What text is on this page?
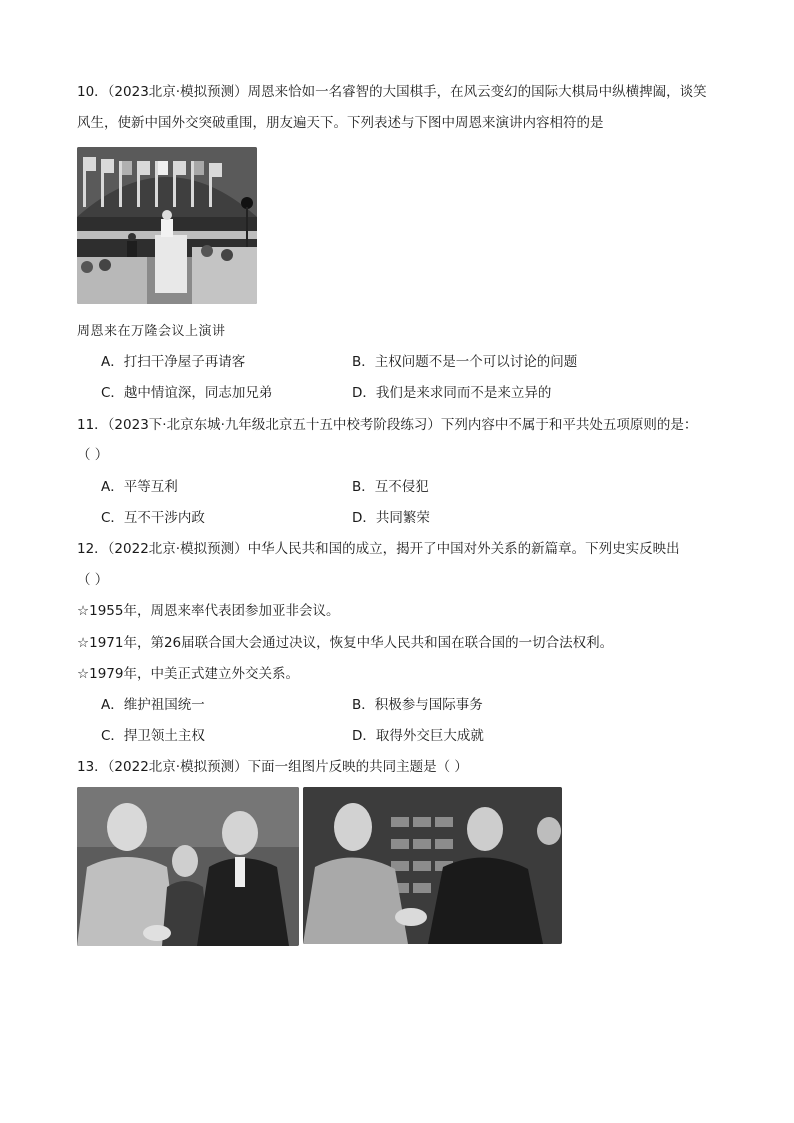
10．（2023北京·模拟预测）周恩来恰如一名睿智的大国棋手，在风云变幻的国际大棋局中纵横捭阖，谈笑
风生，使新中国外交突破重围，朋友遍天下。下列表述与下图中周恩来演讲内容相符的是
周恩来在万隆会议上演讲
A．打扫干净屋子再请客	B．主权问题不是一个可以讨论的问题
C．越中情谊深，同志加兄弟	D．我们是来求同而不是来立异的
11．（2023下·北京东城·九年级北京五十五中校考阶段练习）下列内容中不属于和平共处五项原则的是：
（ ）
A．平等互利	B．互不侵犯
C．互不干涉内政	D．共同繁荣
12．（2022北京·模拟预测）中华人民共和国的成立，揭开了中国对外关系的新篇章。下列史实反映出
（ ）
☆1955年，周恩来率代表团参加亚非会议。
☆1971年，第26届联合国大会通过决议，恢复中华人民共和国在联合国的一切合法权利。
☆1979年，中美正式建立外交关系。
A．维护祖国统一	B．积极参与国际事务
C．捍卫领土主权	D．取得外交巨大成就
13．（2022北京·模拟预测）下面一组图片反映的共同主题是（ ）
